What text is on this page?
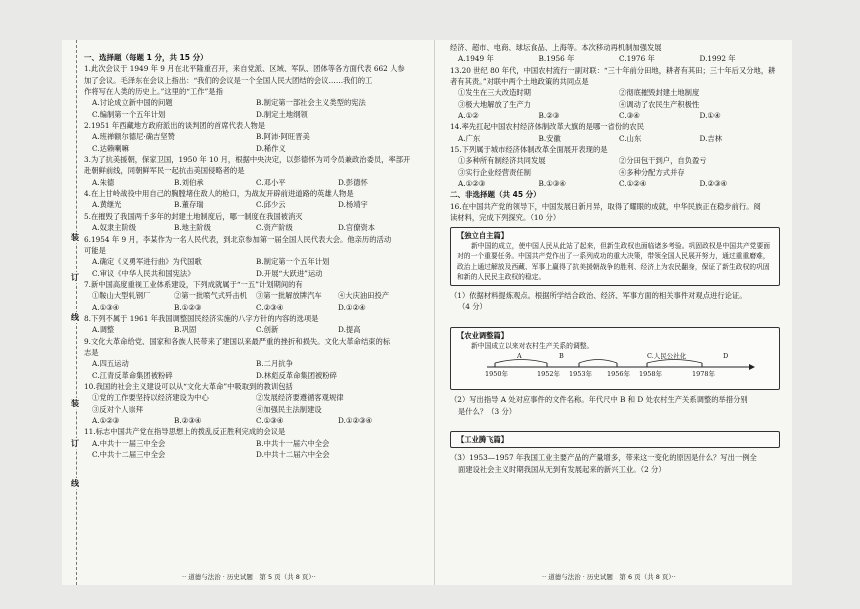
装
订
线
装
订
线
一、选择题（每题 1 分，共 15 分）
1.此次会议于 1949 年 9 月在北平隆重召开，来自党派、区域、军队、团体等各方面代表 662 人参
加了会议。毛泽东在会议上指出：“我们的会议是一个全国人民大团结的会议……我们的工
作将写在人类的历史上。”这里的“工作”是指
A.讨论成立新中国的问题	B.制定第一部社会主义类型的宪法
C.编制第一个五年计划	D.制定土地纲领
2.1951 年西藏地方政府派出的谈判团的首席代表人物是
A.班禅额尔德尼·确吉坚赞	B.阿沛·阿旺晋美
C.达赖喇嘛	D.稀作义
3.为了抗美援朝，保家卫国，1950 年 10 月，根据中央决定，以彭德怀为司令员兼政治委员，率部开
赴朝鲜前线，同朝鲜军民一起抗击美国侵略者的是
A.朱德	B.刘伯承	C.邓小平	D.彭德怀
4.在上甘岭战役中用自己的胸膛堵住敌人的枪口，为战友开辟前进道路的英雄人物是
A.黄继光	B.董存瑞	C.邱少云	D.杨靖宇
5.在摧毁了我国两千多年的封建土地制度后，哪一制度在我国被消灭
A.奴隶主阶级	B.地主阶级	C.资产阶级	D.官僚资本
6.1954 年 9 月，李某作为一名人民代表，到北京参加第一届全国人民代表大会。他亲历的活动
可能是
A.确定《义勇军进行曲》为代国歌	B.制定第一个五年计划
C.审议《中华人民共和国宪法》	D.开展“大跃进”运动
7.新中国高度重视工业体系建设，下列成就属于“一五”计划期间的有
①鞍山大型轧钢厂	②第一批喷气式歼击机	③第一批解放牌汽车	④大庆油田投产
A.①③④	B.①②③	C.②③④	D.①②④
8.下列不属于 1961 年我国调整国民经济实施的八字方针的内容的选项是
A.调整	B.巩固	C.创新	D.提高
9.文化大革命给党、国家和各族人民带来了建国以来最严重的挫折和损失。文化大革命结束的标
志是
A.四五运动	B.二月抗争
C.江青反革命集团被粉碎	D.林彪反革命集团被粉碎
10.我国的社会主义建设可以从“文化大革命”中吸取到的教训包括
①党的工作要坚持以经济建设为中心	②发展经济要遵循客观规律
③反对个人崇拜	④加强民主法制建设
A.①②③	B.②③④	C.①③④	D.①②③④
11.标志中国共产党在指导思想上的拨乱反正胜利完成的会议是
A.中共十一届三中全会	B.中共十一届六中全会
C.中共十二届三中全会	D.中共十二届六中全会
·· 道德与法治 · 历史试题　第 5 页（共 8 页）··
经济、超市、电商、球坛食品、上海等。本次移动再机制加强发展
A.1949 年	B.1956 年	C.1976 年	D.1992 年
13.20 世纪 80 年代，中国农村流行一副对联：“三十年前分田地，耕者有其田；三十年后又分地，耕
者有其责。”对联中两个土地政策的共同点是
①发生在三大改造时期	②彻底摧毁封建土地制度
③极大地解放了生产力	④调动了农民生产积极性
A.①②	B.②③	C.③④	D.①④
14.率先扛起中国农村经济体制改革大旗的是哪一省份的农民
A.广东	B.安徽	C.山东	D.吉林
15.下列属于城市经济体制改革全面展开表现的是
①多种所有制经济共同发展	②分田包干到户，自负盈亏
③实行企业经营责任制	④多种分配方式并存
A.①②③	B.①③④	C.①②④	D.②③④
二、非选择题（共 45 分）
16.在中国共产党的领导下，中国发展日新月异，取得了耀眼的成就，中华民族正在稳步前行。阅
读材料，完成下列探究。（10 分）
【独立自主篇】
新中国的成立，使中国人民从此站了起来，但新生政权也面临诸多考验。巩固政权是中国共产党要面对的一个重要任务。中国共产党作出了一系列成功的重大决策，带领全国人民展开努力，通过重重磨难，政治上通过解放及西藏、军事上赢得了抗美援朝战争的胜利、经济上为农民翻身，保证了新生政权的巩固和新的人民民主政权的稳定。
（1）依据材料提炼观点。根据所学结合政治、经济、军事方面的相关事件对观点进行论证。
（4 分）
【农业调整篇】
新中国成立以来对农村生产关系的调整。
A	B	C.人民公社化	D
1950年	1952年 1953年 1956年 1958年	1978年
（2）写出指导 A 处对应事件的文件名称。年代尺中 B 和 D 处农村生产关系调整的举措分别
是什么？（3 分）
【工业腾飞篇】
（3）1953—1957 年我国工业主要产品的产量增多，带来这一变化的原因是什么？写出一例全
面建设社会主义时期我国从无到有发展起来的新兴工业。（2 分）
·· 道德与法治 · 历史试题　第 6 页（共 8 页）··
